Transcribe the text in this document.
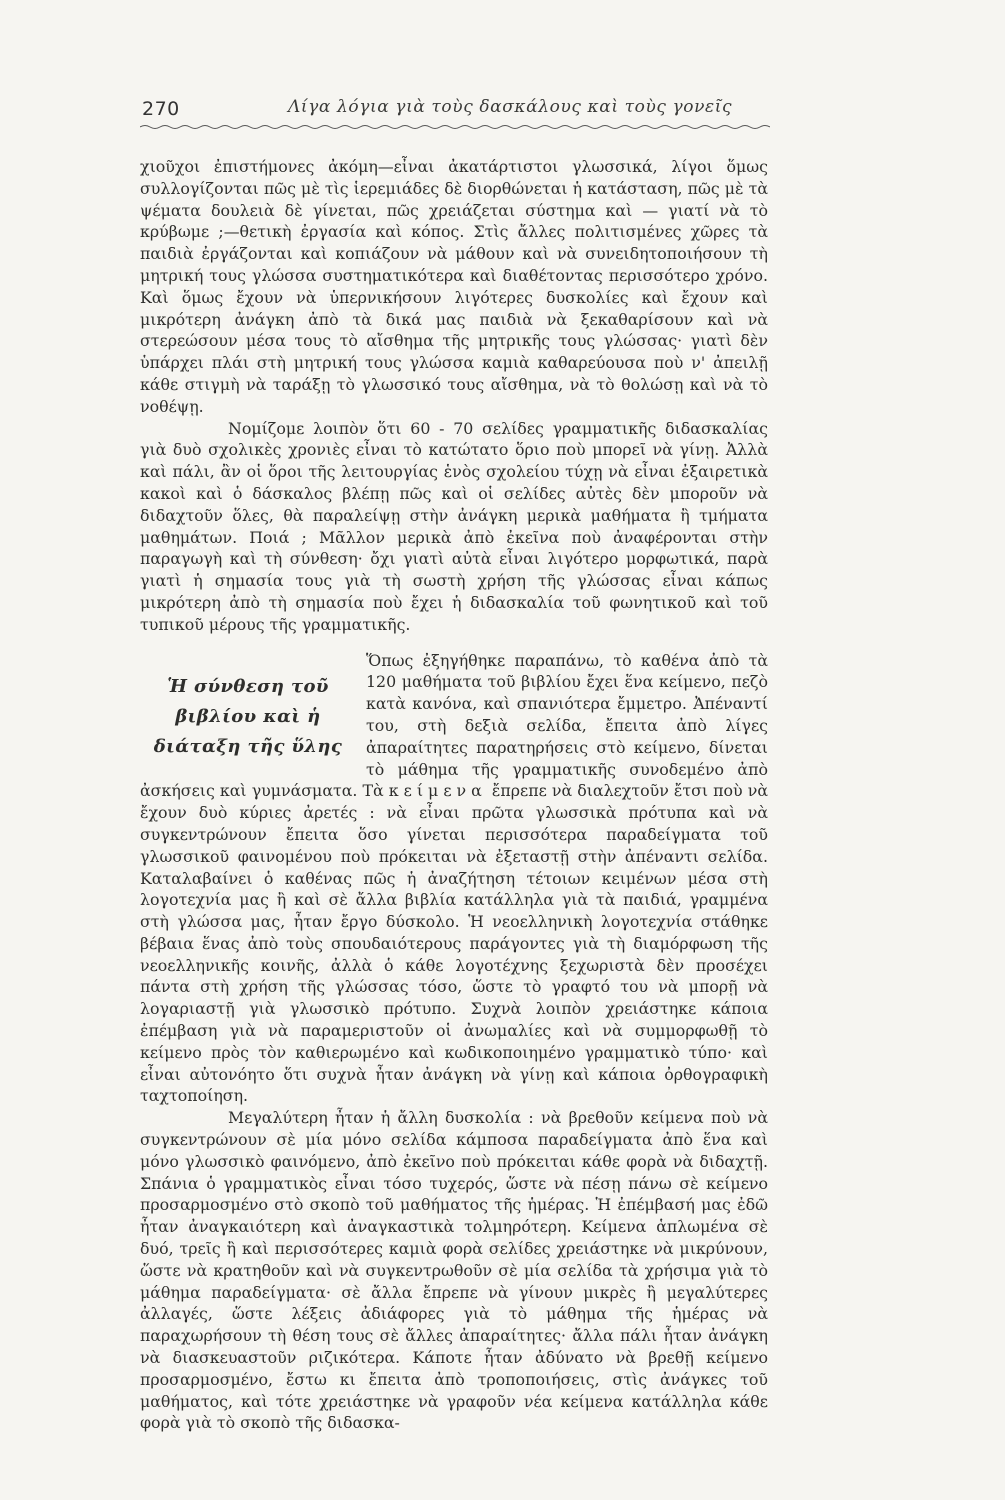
270	Λίγα λόγια γιὰ τοὺς δασκάλους καὶ τοὺς γονεῖς

χιοῦχοι ἐπιστήμονες ἀκόμη—εἶναι ἀκατάρτιστοι γλωσσικά, λίγοι ὅμως συλλογίζονται πῶς μὲ τὶς ἱερεμιάδες δὲ διορθώνεται ἡ κατάσταση, πῶς μὲ τὰ ψέματα δουλειὰ δὲ γίνεται, πῶς χρειάζεται σύστημα καὶ — γιατί νὰ τὸ κρύβωμε ;—θετικὴ ἐργασία καὶ κόπος. Στὶς ἄλλες πολιτισμένες χῶρες τὰ παιδιὰ ἐργάζονται καὶ κοπιάζουν νὰ μάθουν καὶ νὰ συνειδητοποιήσουν τὴ μητρική τους γλώσσα συστηματικότερα καὶ διαθέτοντας περισσότερο χρόνο. Καὶ ὅμως ἔχουν νὰ ὑπερνικήσουν λιγότερες δυσκολίες καὶ ἔχουν καὶ μικρότερη ἀνάγκη ἀπὸ τὰ δικά μας παιδιὰ νὰ ξεκαθαρίσουν καὶ νὰ στερεώσουν μέσα τους τὸ αἴσθημα τῆς μητρικῆς τους γλώσσας· γιατὶ δὲν ὑπάρχει πλάι στὴ μητρική τους γλώσσα καμιὰ καθαρεύουσα ποὺ ν' ἀπειλῇ κάθε στιγμὴ νὰ ταράξῃ τὸ γλωσσικό τους αἴσθημα, νὰ τὸ θολώσῃ καὶ νὰ τὸ νοθέψῃ.

Νομίζομε λοιπὸν ὅτι 60 - 70 σελίδες γραμματικῆς διδασκαλίας γιὰ δυὸ σχολικὲς χρονιὲς εἶναι τὸ κατώτατο ὅριο ποὺ μπορεῖ νὰ γίνῃ. Ἀλλὰ καὶ πάλι, ἂν οἱ ὅροι τῆς λειτουργίας ἑνὸς σχολείου τύχῃ νὰ εἶναι ἐξαιρετικὰ κακοὶ καὶ ὁ δάσκαλος βλέπῃ πῶς καὶ οἱ σελίδες αὐτὲς δὲν μποροῦν νὰ διδαχτοῦν ὅλες, θὰ παραλείψῃ στὴν ἀνάγκη μερικὰ μαθήματα ἢ τμήματα μαθημάτων. Ποιά ; Μᾶλλον μερικὰ ἀπὸ ἐκεῖνα ποὺ ἀναφέρονται στὴν παραγωγὴ καὶ τὴ σύνθεση· ὄχι γιατὶ αὐτὰ εἶναι λιγότερο μορφωτικά, παρὰ γιατὶ ἡ σημασία τους γιὰ τὴ σωστὴ χρήση τῆς γλώσσας εἶναι κάπως μικρότερη ἀπὸ τὴ σημασία ποὺ ἔχει ἡ διδασκαλία τοῦ φωνητικοῦ καὶ τοῦ τυπικοῦ μέρους τῆς γραμματικῆς.

Ἡ σύνθεση τοῦ
βιβλίου καὶ ἡ
διάταξη τῆς ὕλης

Ὅπως ἐξηγήθηκε παραπάνω, τὸ καθένα ἀπὸ τὰ 120 μαθήματα τοῦ βιβλίου ἔχει ἕνα κείμενο, πεζὸ κατὰ κανόνα, καὶ σπανιότερα ἔμμετρο. Ἀπέναντί του, στὴ δεξιὰ σελίδα, ἔπειτα ἀπὸ λίγες ἀπαραίτητες παρατηρήσεις στὸ κείμενο, δίνεται τὸ μάθημα τῆς γραμματικῆς συνοδεμένο ἀπὸ ἀσκήσεις καὶ γυμνάσματα. Τὰ κείμενα ἔπρεπε νὰ διαλεχτοῦν ἔτσι ποὺ νὰ ἔχουν δυὸ κύριες ἀρετές : νὰ εἶναι πρῶτα γλωσσικὰ πρότυπα καὶ νὰ συγκεντρώνουν ἔπειτα ὅσο γίνεται περισσότερα παραδείγματα τοῦ γλωσσικοῦ φαινομένου ποὺ πρόκειται νὰ ἐξεταστῇ στὴν ἀπέναντι σελίδα. Καταλαβαίνει ὁ καθένας πῶς ἡ ἀναζήτηση τέτοιων κειμένων μέσα στὴ λογοτεχνία μας ἢ καὶ σὲ ἄλλα βιβλία κατάλληλα γιὰ τὰ παιδιά, γραμμένα στὴ γλώσσα μας, ἦταν ἔργο δύσκολο. Ἡ νεοελληνικὴ λογοτεχνία στάθηκε βέβαια ἕνας ἀπὸ τοὺς σπουδαιότερους παράγοντες γιὰ τὴ διαμόρφωση τῆς νεοελληνικῆς κοινῆς, ἀλλὰ ὁ κάθε λογοτέχνης ξεχωριστὰ δὲν προσέχει πάντα στὴ χρήση τῆς γλώσσας τόσο, ὥστε τὸ γραφτό του νὰ μπορῇ νὰ λογαριαστῇ γιὰ γλωσσικὸ πρότυπο. Συχνὰ λοιπὸν χρειάστηκε κάποια ἐπέμβαση γιὰ νὰ παραμεριστοῦν οἱ ἀνωμαλίες καὶ νὰ συμμορφωθῇ τὸ κείμενο πρὸς τὸν καθιερωμένο καὶ κωδικοποιημένο γραμματικὸ τύπο· καὶ εἶναι αὐτονόητο ὅτι συχνὰ ἦταν ἀνάγκη νὰ γίνῃ καὶ κάποια ὀρθογραφικὴ ταχτοποίηση.

Μεγαλύτερη ἦταν ἡ ἄλλη δυσκολία : νὰ βρεθοῦν κείμενα ποὺ νὰ συγκεντρώνουν σὲ μία μόνο σελίδα κάμποσα παραδείγματα ἀπὸ ἕνα καὶ μόνο γλωσσικὸ φαινόμενο, ἀπὸ ἐκεῖνο ποὺ πρόκειται κάθε φορὰ νὰ διδαχτῇ. Σπάνια ὁ γραμματικὸς εἶναι τόσο τυχερός, ὥστε νὰ πέσῃ πάνω σὲ κείμενο προσαρμοσμένο στὸ σκοπὸ τοῦ μαθήματος τῆς ἡμέρας. Ἡ ἐπέμβασή μας ἐδῶ ἦταν ἀναγκαιότερη καὶ ἀναγκαστικὰ τολμηρότερη. Κείμενα ἁπλωμένα σὲ δυό, τρεῖς ἢ καὶ περισσότερες καμιὰ φορὰ σελίδες χρειάστηκε νὰ μικρύνουν, ὥστε νὰ κρατηθοῦν καὶ νὰ συγκεντρωθοῦν σὲ μία σελίδα τὰ χρήσιμα γιὰ τὸ μάθημα παραδείγματα· σὲ ἄλλα ἔπρεπε νὰ γίνουν μικρὲς ἢ μεγαλύτερες ἀλλαγές, ὥστε λέξεις ἀδιάφορες γιὰ τὸ μάθημα τῆς ἡμέρας νὰ παραχωρήσουν τὴ θέση τους σὲ ἄλλες ἀπαραίτητες· ἄλλα πάλι ἦταν ἀνάγκη νὰ διασκευαστοῦν ριζικότερα. Κάποτε ἦταν ἀδύνατο νὰ βρεθῇ κείμενο προσαρμοσμένο, ἔστω κι ἔπειτα ἀπὸ τροποποιήσεις, στὶς ἀνάγκες τοῦ μαθήματος, καὶ τότε χρειάστηκε νὰ γραφοῦν νέα κείμενα κατάλληλα κάθε φορὰ γιὰ τὸ σκοπὸ τῆς διδασκα-
